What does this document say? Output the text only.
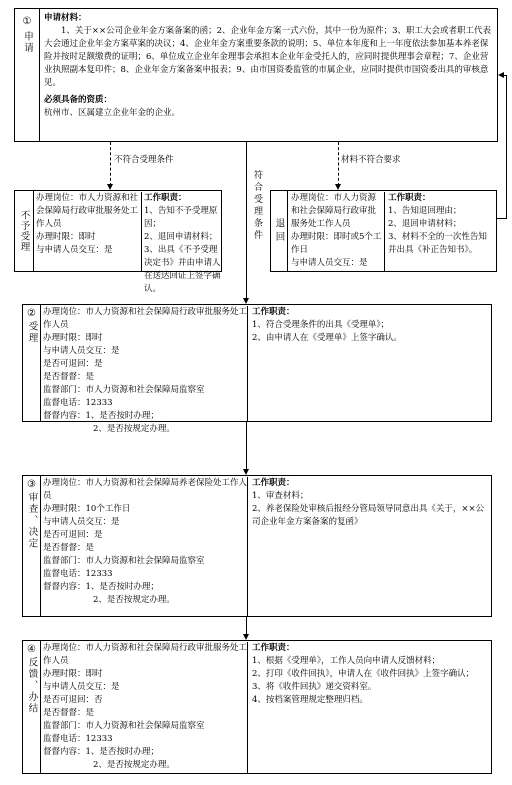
①
申请
申请材料：
1、关于××公司企业年金方案备案的函；2、企业年金方案一式六份，其中一份为原件；3、职工大会或者职工代表大会通过企业年金方案草案的决议；4、企业年金方案重要条款的说明；5、单位本年度和上一年度依法参加基本养老保险并按时足额缴费的证明；6、单位成立企业年金理事会承担本企业年金受托人的，应同时提供理事会章程；7、企业营业执照副本复印件；8、企业年金方案备案申报表；9、由市国资委监管的市属企业，应同时提供市国资委出具的审核意见。
必须具备的资质：
杭州市、区属建立企业年金的企业。
不符合受理条件
符合受理条件
材料不符合要求
不予受理
办理岗位：市人力资源和社会保障局行政审批服务处工作人员
办理时限：即时
与申请人员交互：是
工作职责：
1、告知不予受理原因；
2、退回申请材料；
3、出具《不予受理决定书》并由申请人在送达回证上签字确认。
退回
办理岗位：市人力资源和社会保障局行政审批服务处工作人员
办理时限：即时或5个工作日
与申请人员交互：是
工作职责：
1、告知退回理由；
2、退回申请材料；
3、材料不全的一次性告知并出具《补正告知书》。
②
受理
办理岗位：市人力资源和社会保障局行政审批服务处工作人员
办理时限：即时
与申请人员交互：是
是否可退回：是
是否督督：是
监督部门：市人力资源和社会保障局监察室
监督电话：12333
督督内容：1、是否按时办理；
2、是否按规定办理。
工作职责：
1、符合受理条件的出具《受理单》；
2、由申请人在《受理单》上签字确认。
③
审查、决定
办理岗位：市人力资源和社会保障局养老保险处工作人员
办理时限：10个工作日
与申请人员交互：是
是否可退回：是
是否督督：是
监督部门：市人力资源和社会保障局监察室
监督电话：12333
督督内容：1、是否按时办理；
2、是否按规定办理。
工作职责：
1、审查材料；
2、养老保险处审核后报经分管局领导同意出具《关于，××公司企业年金方案备案的复函》
④
反馈、办结
办理岗位：市人力资源和社会保障局行政审批服务处工作人员
办理时限：即时
与申请人员交互：是
是否可退回：否
是否督督：是
监督部门：市人力资源和社会保障局监察室
监督电话：12333
督督内容：1、是否按时办理；
2、是否按规定办理。
工作职责：
1、根据《受理单》，工作人员向申请人反馈材料；
2、打印《收件回执》，申请人在《收件回执》上签字确认；
3、将《收件回执》递交资料室。
4、按档案管理规定整理归档。
